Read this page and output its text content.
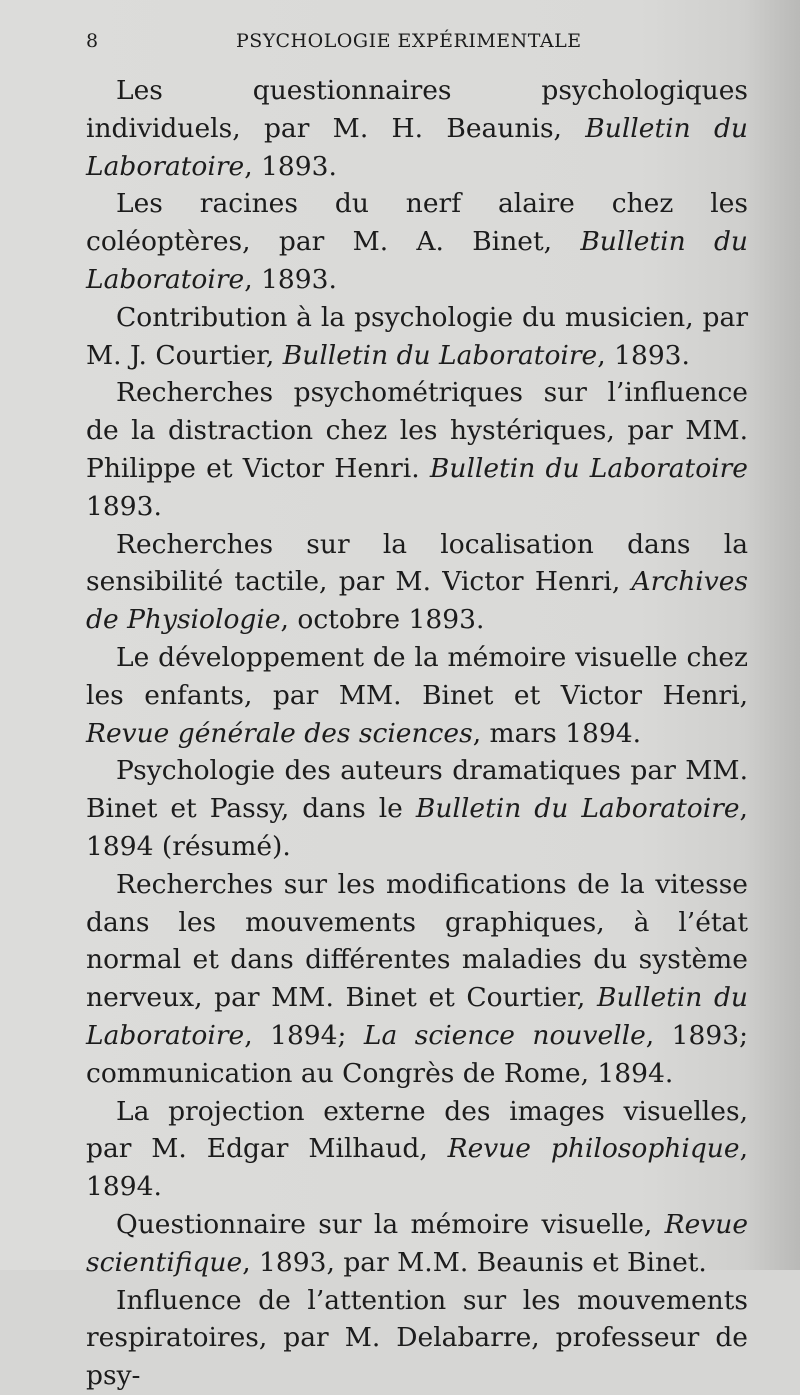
8	PSYCHOLOGIE EXPÉRIMENTALE

Les questionnaires psychologiques individuels, par M. H. Beaunis, Bulletin du Laboratoire, 1893.

Les racines du nerf alaire chez les coléoptères, par M. A. Binet, Bulletin du Laboratoire, 1893.

Contribution à la psychologie du musicien, par M. J. Courtier, Bulletin du Laboratoire, 1893.

Recherches psychométriques sur l’influence de la distraction chez les hystériques, par MM. Philippe et Victor Henri. Bulletin du Laboratoire 1893.

Recherches sur la localisation dans la sensibilité tactile, par M. Victor Henri, Archives de Physiologie, octobre 1893.

Le développement de la mémoire visuelle chez les enfants, par MM. Binet et Victor Henri, Revue générale des sciences, mars 1894.

Psychologie des auteurs dramatiques par MM. Binet et Passy, dans le Bulletin du Laboratoire, 1894 (résumé).

Recherches sur les modifications de la vitesse dans les mouvements graphiques, à l’état normal et dans différentes maladies du système nerveux, par MM. Binet et Courtier, Bulletin du Laboratoire, 1894; La science nouvelle, 1893; communication au Congrès de Rome, 1894.

La projection externe des images visuelles, par M. Edgar Milhaud, Revue philosophique, 1894.

Questionnaire sur la mémoire visuelle, Revue scientifique, 1893, par M.M. Beaunis et Binet.

Influence de l’attention sur les mouvements respiratoires, par M. Delabarre, professeur de psy-
